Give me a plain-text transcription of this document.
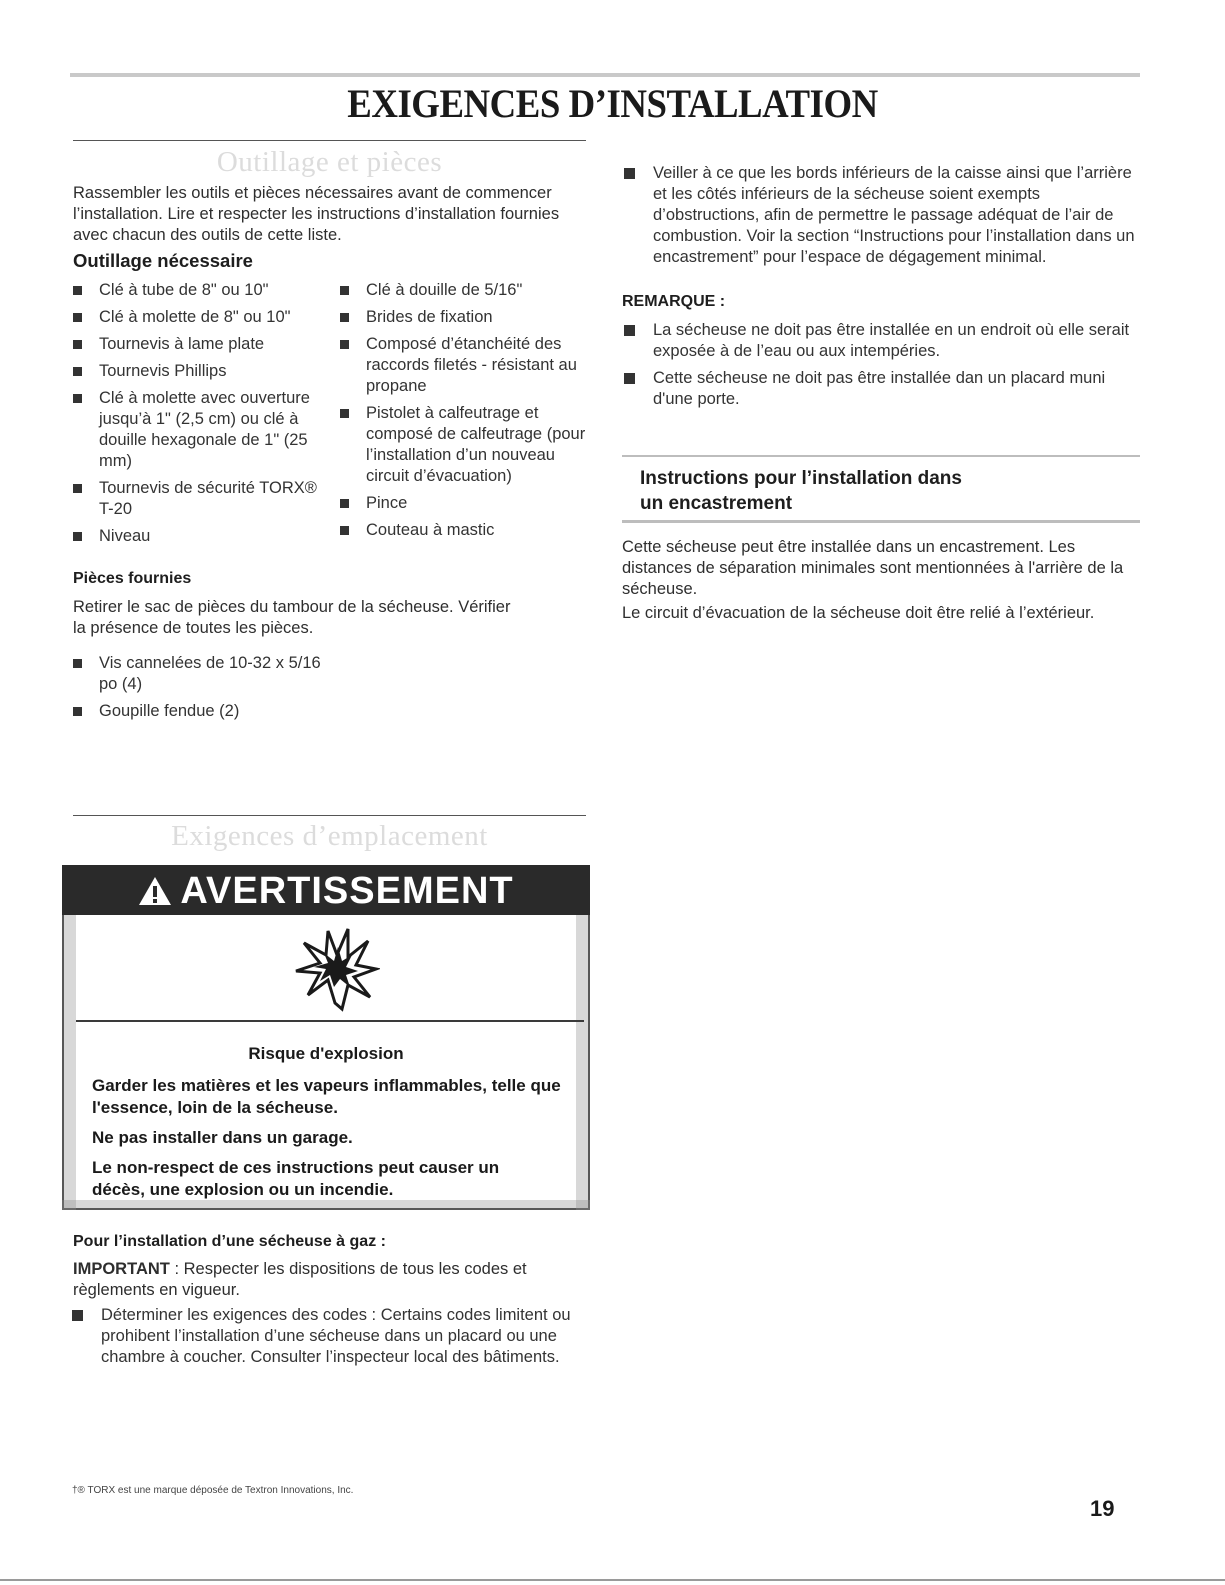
EXIGENCES D’INSTALLATION
Outillage et pièces
Rassembler les outils et pièces nécessaires avant de commencer l’installation. Lire et respecter les instructions d’installation fournies avec chacun des outils de cette liste.
Outillage nécessaire
Clé à tube de 8" ou 10"
Clé à molette de 8" ou 10"
Tournevis à lame plate
Tournevis Phillips
Clé à molette avec ouverture jusqu’à 1" (2,5 cm) ou clé à douille hexagonale de 1" (25 mm)
Tournevis de sécurité TORX® T-20
Niveau
Clé à douille de 5/16"
Brides de fixation
Composé d’étanchéité des raccords filetés - résistant au propane
Pistolet à calfeutrage et composé de calfeutrage (pour l’installation d’un nouveau circuit d’évacuation)
Pince
Couteau à mastic
Pièces fournies
Retirer le sac de pièces du tambour de la sécheuse. Vérifier la présence de toutes les pièces.
Vis cannelées de 10-32 x 5/16 po (4)
Goupille fendue (2)
Exigences d’emplacement
AVERTISSEMENT
Risque d'explosion
Garder les matières et les vapeurs inflammables, telle que l'essence, loin de la sécheuse.
Ne pas installer dans un garage.
Le non-respect de ces instructions peut causer un décès, une explosion ou un incendie.
Pour l’installation d’une sécheuse à gaz :
IMPORTANT : Respecter les dispositions de tous les codes et règlements en vigueur.
Déterminer les exigences des codes : Certains codes limitent ou prohibent l’installation d’une sécheuse dans un placard ou une chambre à coucher. Consulter l’inspecteur local des bâtiments.
Veiller à ce que les bords inférieurs de la caisse ainsi que l’arrière et les côtés inférieurs de la sécheuse soient exempts d’obstructions, afin de permettre le passage adéquat de l’air de combustion. Voir la section “Instructions pour l’installation dans un encastrement” pour l’espace de dégagement minimal.
REMARQUE :
La sécheuse ne doit pas être installée en un endroit où elle serait exposée à de l’eau ou aux intempéries.
Cette sécheuse ne doit pas être installée dan un placard muni d'une porte.
Instructions pour l’installation dans
un encastrement
Cette sécheuse peut être installée dans un encastrement. Les distances de séparation minimales sont mentionnées à l'arrière de la sécheuse.
Le circuit d’évacuation de la sécheuse doit être relié à l’extérieur.
†® TORX est une marque déposée de Textron Innovations, Inc.
19
